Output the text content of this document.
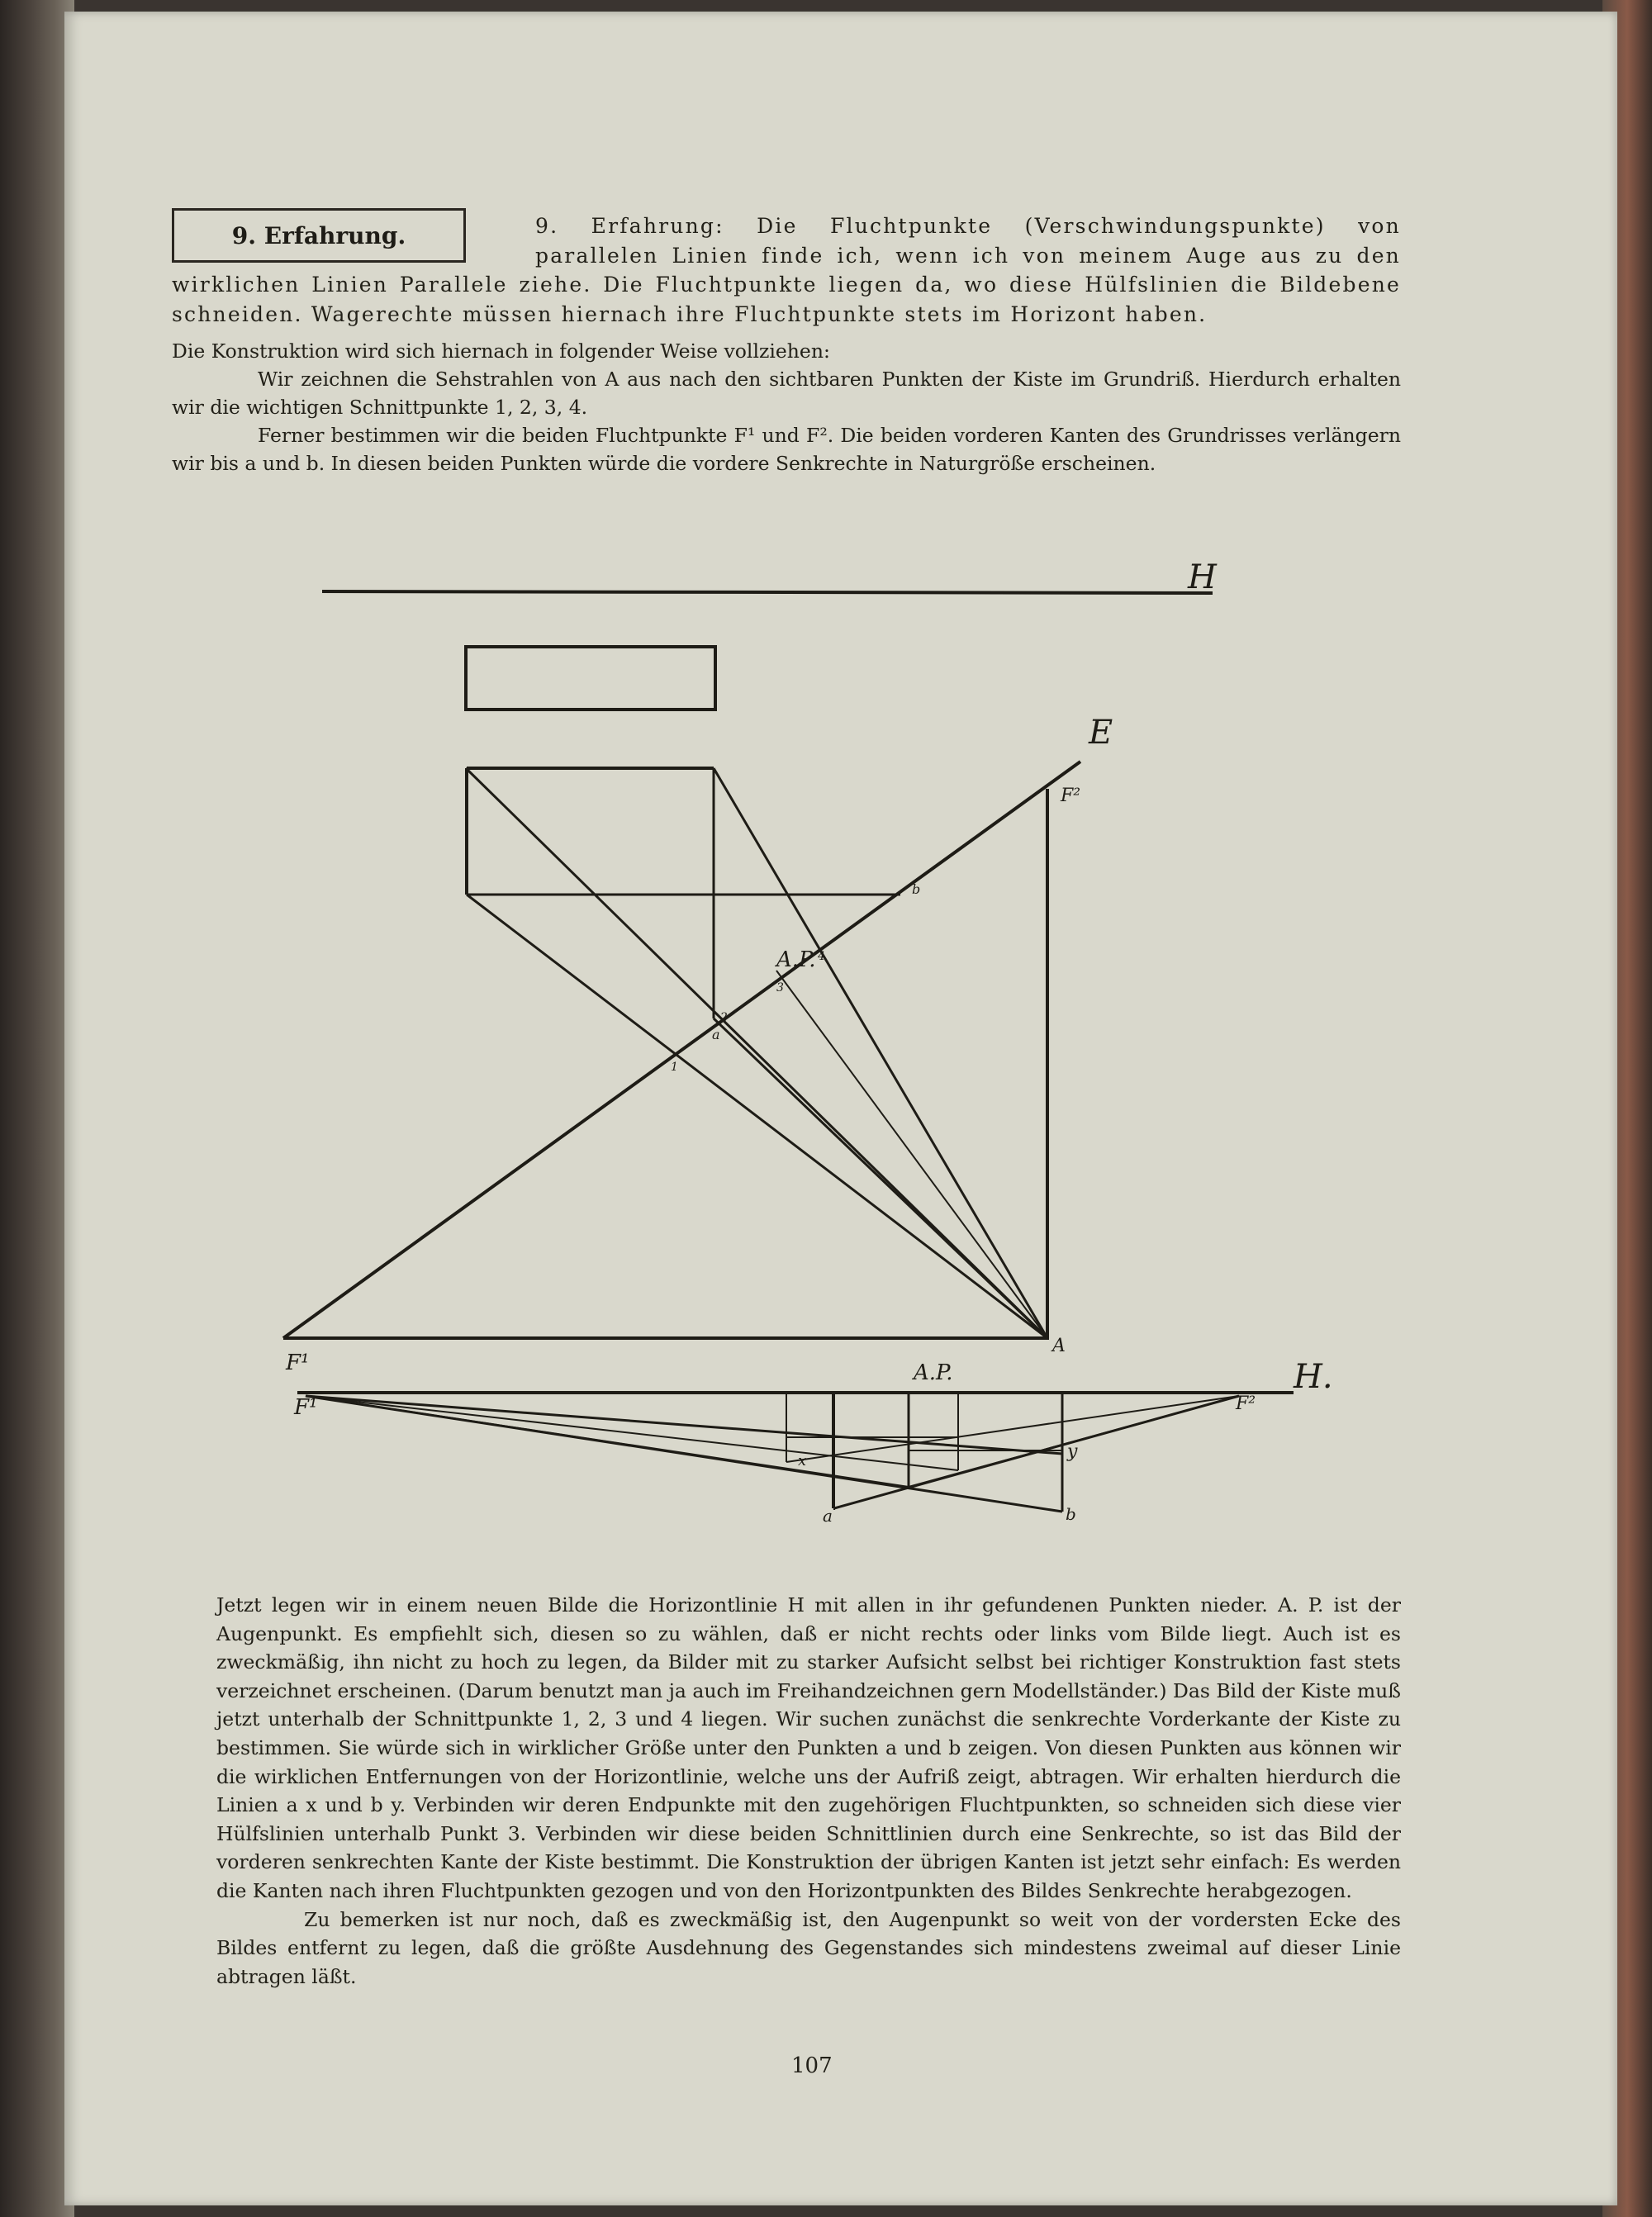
9. Erfahrung.	9. Erfahrung: Die Fluchtpunkte (Verschwindungspunkte) von parallelen Linien finde ich, wenn ich von meinem Auge aus zu den wirklichen Linien Parallele ziehe. Die Fluchtpunkte liegen da, wo diese Hülfslinien die Bildebene schneiden. Wagerechte müssen hiernach ihre Fluchtpunkte stets im Horizont haben.

Die Konstruktion wird sich hiernach in folgender Weise vollziehen:

Wir zeichnen die Sehstrahlen von A aus nach den sichtbaren Punkten der Kiste im Grundriß. Hierdurch erhalten wir die wichtigen Schnittpunkte 1, 2, 3, 4.

Ferner bestimmen wir die beiden Fluchtpunkte F¹ und F². Die beiden vorderen Kanten des Grundrisses verlängern wir bis a und b. In diesen beiden Punkten würde die vordere Senkrechte in Naturgröße erscheinen.

H
E
F²
F¹
A
A.P.
1
2
a
3
4
b
H.
F¹	F²
A.P.
a	b
x	y

Jetzt legen wir in einem neuen Bilde die Horizontlinie H mit allen in ihr gefundenen Punkten nieder. A. P. ist der Augenpunkt. Es empfiehlt sich, diesen so zu wählen, daß er nicht rechts oder links vom Bilde liegt. Auch ist es zweckmäßig, ihn nicht zu hoch zu legen, da Bilder mit zu starker Aufsicht selbst bei richtiger Konstruktion fast stets verzeichnet erscheinen. (Darum benutzt man ja auch im Freihandzeichnen gern Modellständer.) Das Bild der Kiste muß jetzt unterhalb der Schnittpunkte 1, 2, 3 und 4 liegen. Wir suchen zunächst die senkrechte Vorderkante der Kiste zu bestimmen. Sie würde sich in wirklicher Größe unter den Punkten a und b zeigen. Von diesen Punkten aus können wir die wirklichen Entfernungen von der Horizontlinie, welche uns der Aufriß zeigt, abtragen. Wir erhalten hierdurch die Linien a x und b y. Verbinden wir deren Endpunkte mit den zugehörigen Fluchtpunkten, so schneiden sich diese vier Hülfslinien unterhalb Punkt 3. Verbinden wir diese beiden Schnittlinien durch eine Senkrechte, so ist das Bild der vorderen senkrechten Kante der Kiste bestimmt. Die Konstruktion der übrigen Kanten ist jetzt sehr einfach: Es werden die Kanten nach ihren Fluchtpunkten gezogen und von den Horizontpunkten des Bildes Senkrechte herabgezogen.

Zu bemerken ist nur noch, daß es zweckmäßig ist, den Augenpunkt so weit von der vordersten Ecke des Bildes entfernt zu legen, daß die größte Ausdehnung des Gegenstandes sich mindestens zweimal auf dieser Linie abtragen läßt.

107
